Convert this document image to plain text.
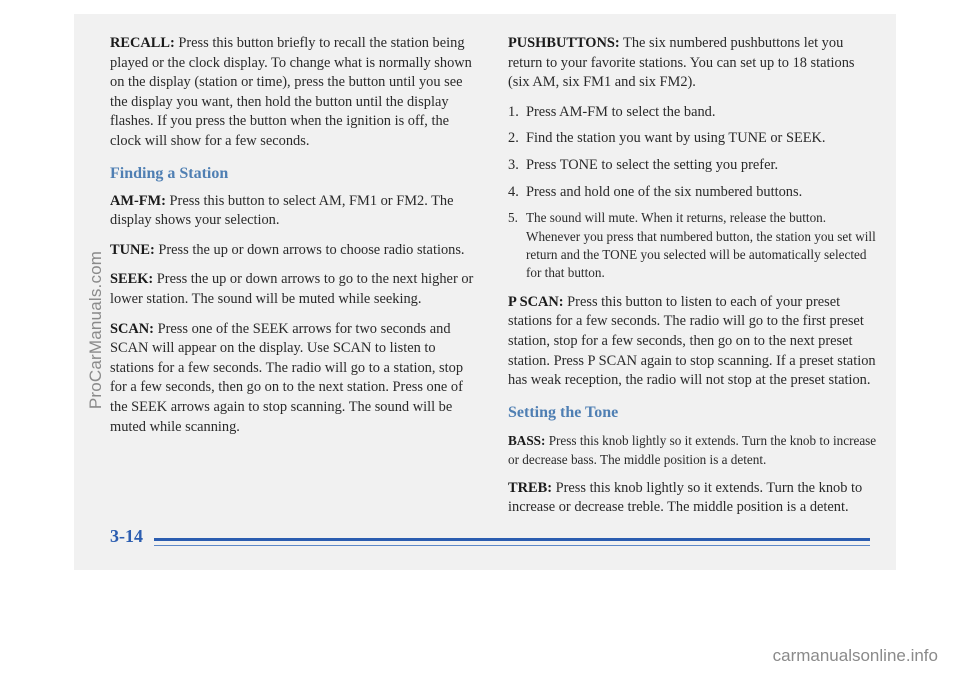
RECALL: Press this button briefly to recall the station being played or the clock display. To change what is normally shown on the display (station or time), press the button until you see the display you want, then hold the button until the display flashes. If you press the button when the ignition is off, the clock will show for a few seconds.

Finding a Station

AM-FM: Press this button to select AM, FM1 or FM2. The display shows your selection.

TUNE: Press the up or down arrows to choose radio stations.

SEEK: Press the up or down arrows to go to the next higher or lower station. The sound will be muted while seeking.

SCAN: Press one of the SEEK arrows for two seconds and SCAN will appear on the display. Use SCAN to listen to stations for a few seconds. The radio will go to a station, stop for a few seconds, then go on to the next station. Press one of the SEEK arrows again to stop scanning. The sound will be muted while scanning.

PUSHBUTTONS: The six numbered pushbuttons let you return to your favorite stations. You can set up to 18 stations (six AM, six FM1 and six FM2).

1. Press AM-FM to select the band.
2. Find the station you want by using TUNE or SEEK.
3. Press TONE to select the setting you prefer.
4. Press and hold one of the six numbered buttons.
5. The sound will mute. When it returns, release the button. Whenever you press that numbered button, the station you set will return and the TONE you selected will be automatically selected for that button.

P SCAN: Press this button to listen to each of your preset stations for a few seconds. The radio will go to the first preset station, stop for a few seconds, then go on to the next preset station. Press P SCAN again to stop scanning. If a preset station has weak reception, the radio will not stop at the preset station.

Setting the Tone

BASS: Press this knob lightly so it extends. Turn the knob to increase or decrease bass. The middle position is a detent.

TREB: Press this knob lightly so it extends. Turn the knob to increase or decrease treble. The middle position is a detent.

3-14
ProCarManuals.com
carmanualsonline.info
